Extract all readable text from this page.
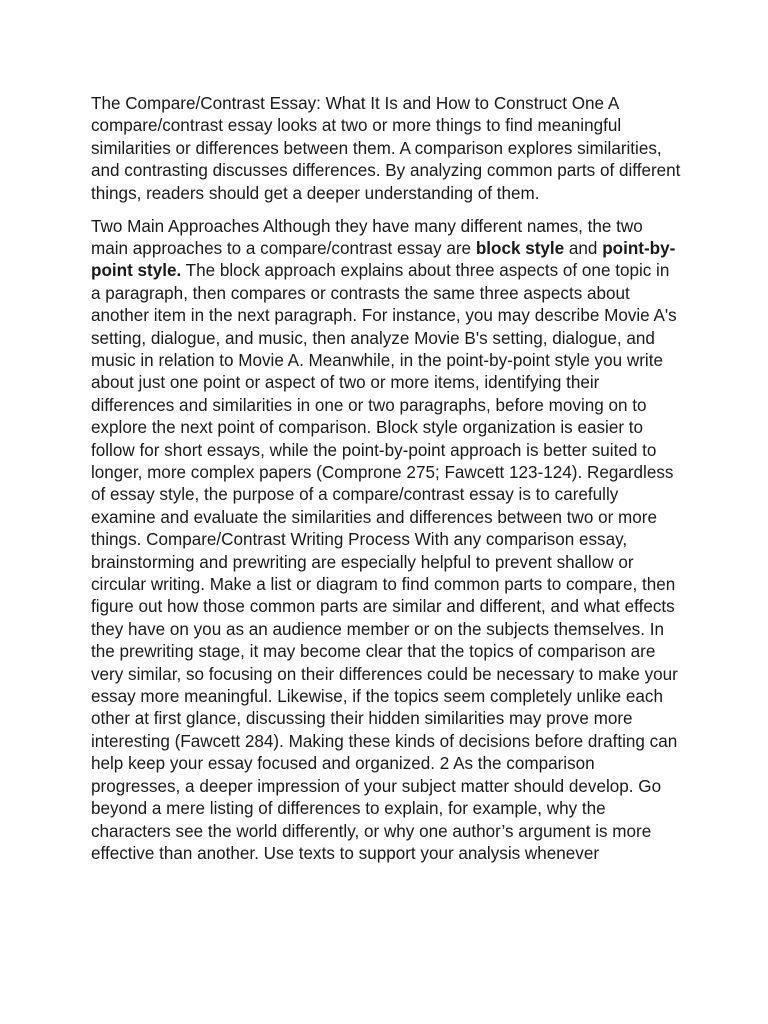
The Compare/Contrast Essay: What It Is and How to Construct One A compare/contrast essay looks at two or more things to find meaningful similarities or differences between them. A comparison explores similarities, and contrasting discusses differences. By analyzing common parts of different things, readers should get a deeper understanding of them.

Two Main Approaches Although they have many different names, the two main approaches to a compare/contrast essay are block style and point-by-point style. The block approach explains about three aspects of one topic in a paragraph, then compares or contrasts the same three aspects about another item in the next paragraph. For instance, you may describe Movie A's setting, dialogue, and music, then analyze Movie B's setting, dialogue, and music in relation to Movie A. Meanwhile, in the point-by-point style you write about just one point or aspect of two or more items, identifying their differences and similarities in one or two paragraphs, before moving on to explore the next point of comparison. Block style organization is easier to follow for short essays, while the point-by-point approach is better suited to longer, more complex papers (Comprone 275; Fawcett 123-124). Regardless of essay style, the purpose of a compare/contrast essay is to carefully examine and evaluate the similarities and differences between two or more things. Compare/Contrast Writing Process With any comparison essay, brainstorming and prewriting are especially helpful to prevent shallow or circular writing. Make a list or diagram to find common parts to compare, then figure out how those common parts are similar and different, and what effects they have on you as an audience member or on the subjects themselves. In the prewriting stage, it may become clear that the topics of comparison are very similar, so focusing on their differences could be necessary to make your essay more meaningful. Likewise, if the topics seem completely unlike each other at first glance, discussing their hidden similarities may prove more interesting (Fawcett 284). Making these kinds of decisions before drafting can help keep your essay focused and organized. 2 As the comparison progresses, a deeper impression of your subject matter should develop. Go beyond a mere listing of differences to explain, for example, why the characters see the world differently, or why one author’s argument is more effective than another. Use texts to support your analysis whenever
